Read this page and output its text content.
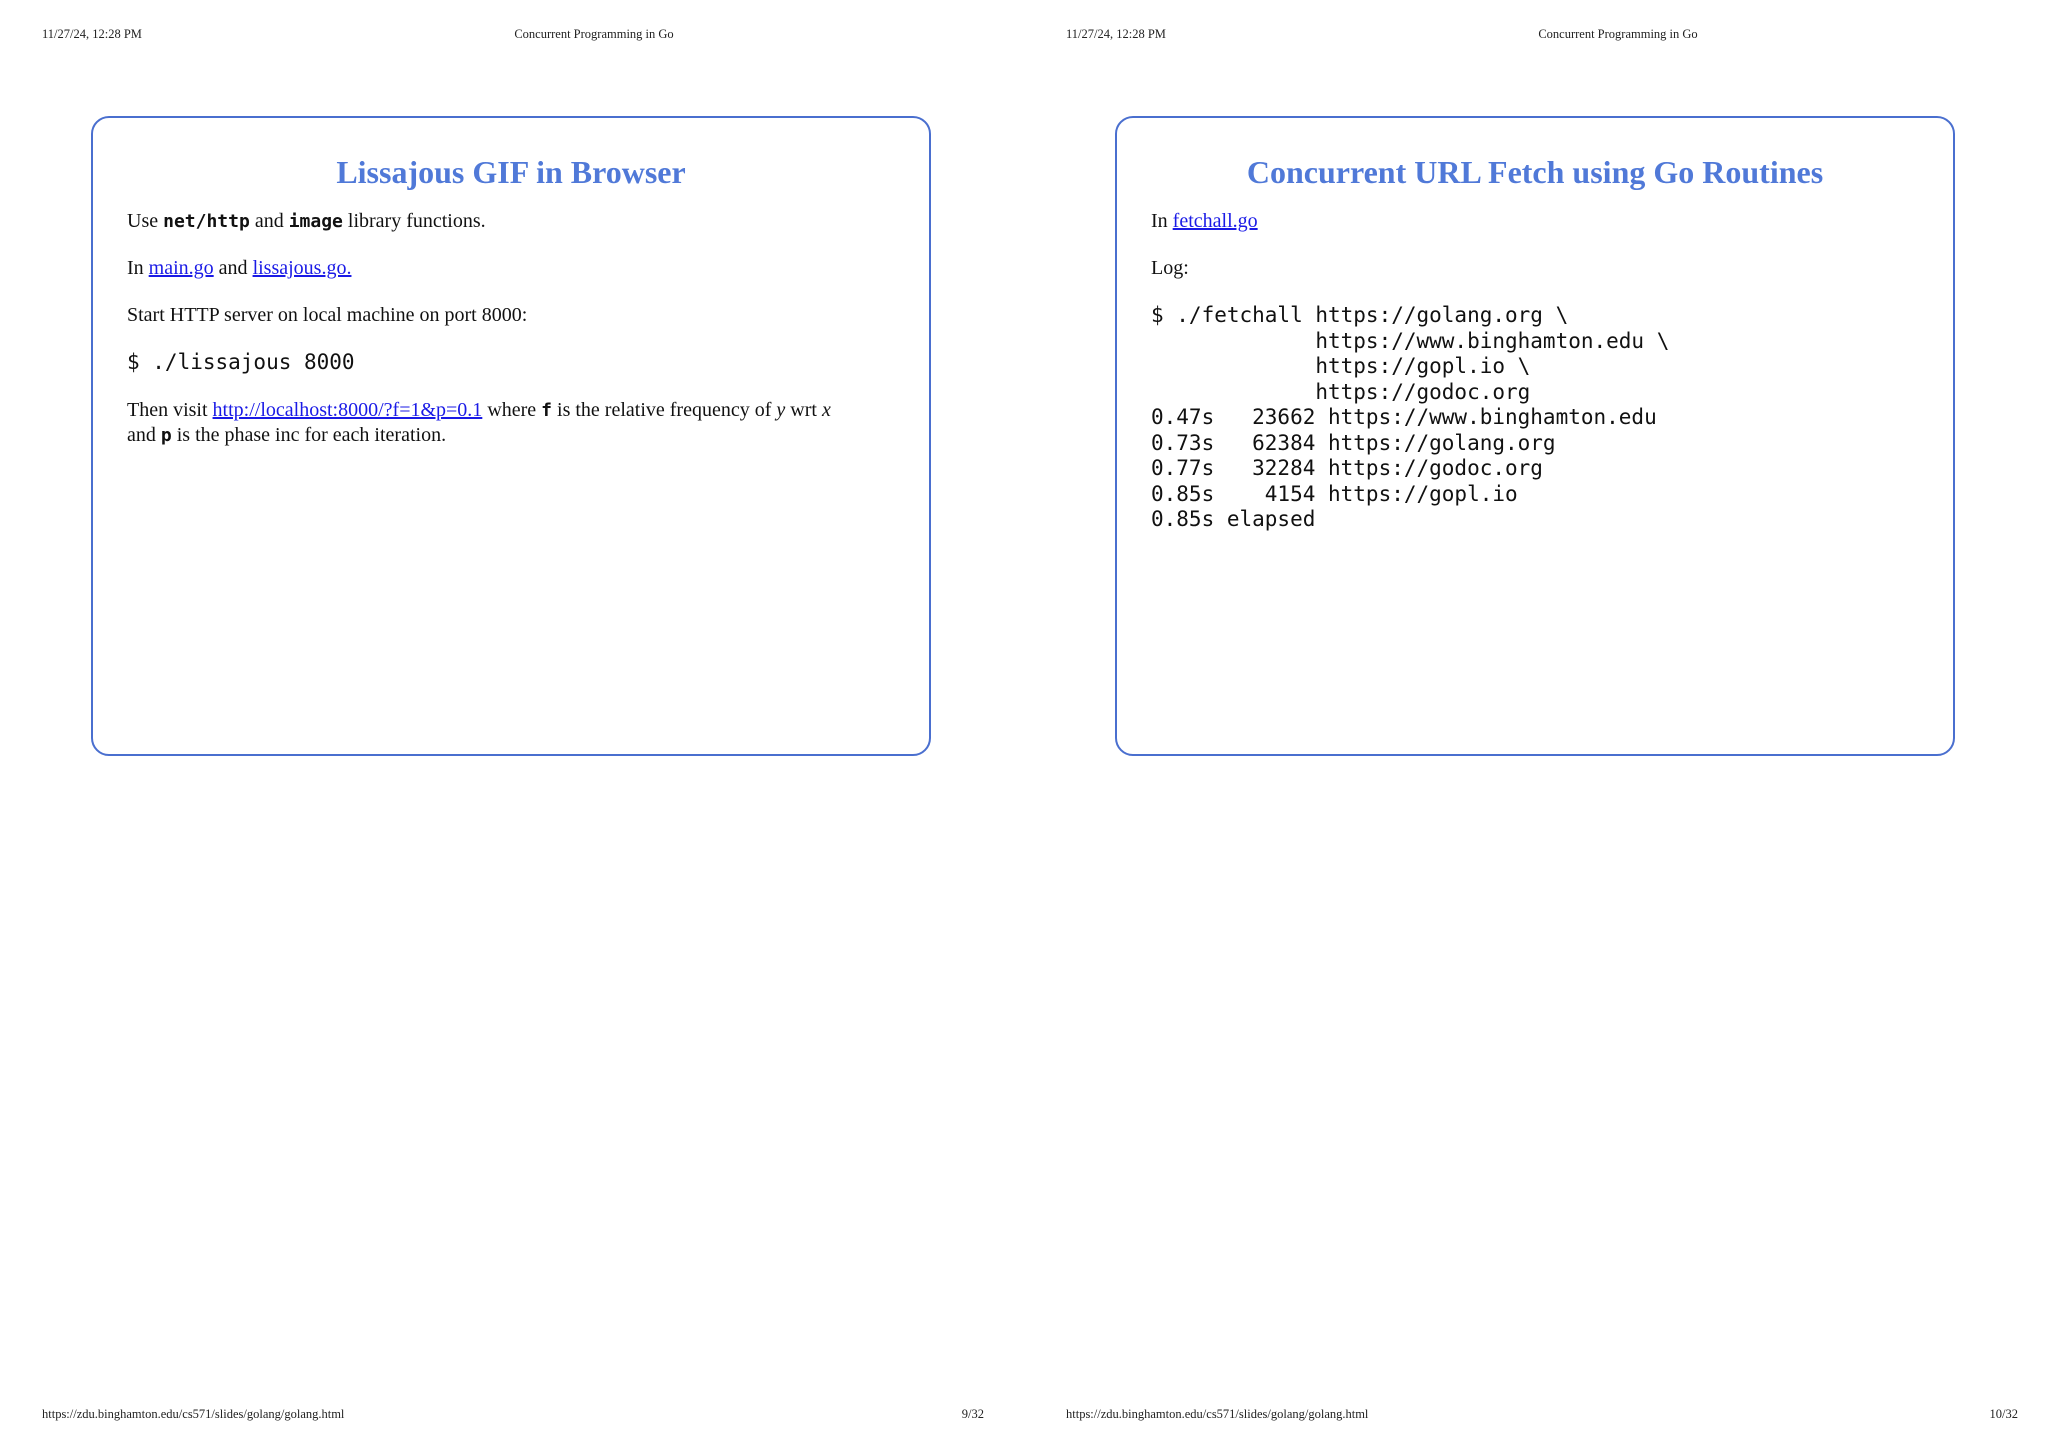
11/27/24, 12:28 PM	Concurrent Programming in Go
Lissajous GIF in Browser

Use net/http and image library functions.

In main.go and lissajous.go.

Start HTTP server on local machine on port 8000:

$ ./lissajous 8000

Then visit http://localhost:8000/?f=1&p=0.1 where f is the relative frequency of y wrt x
and p is the phase inc for each iteration.

https://zdu.binghamton.edu/cs571/slides/golang/golang.html	9/32
11/27/24, 12:28 PM	Concurrent Programming in Go
Concurrent URL Fetch using Go Routines

In fetchall.go

Log:

$ ./fetchall https://golang.org \
https://www.binghamton.edu \
https://gopl.io \
https://godoc.org
0.47s   23662 https://www.binghamton.edu
0.73s   62384 https://golang.org
0.77s   32284 https://godoc.org
0.85s    4154 https://gopl.io
0.85s elapsed
https://zdu.binghamton.edu/cs571/slides/golang/golang.html	10/32
